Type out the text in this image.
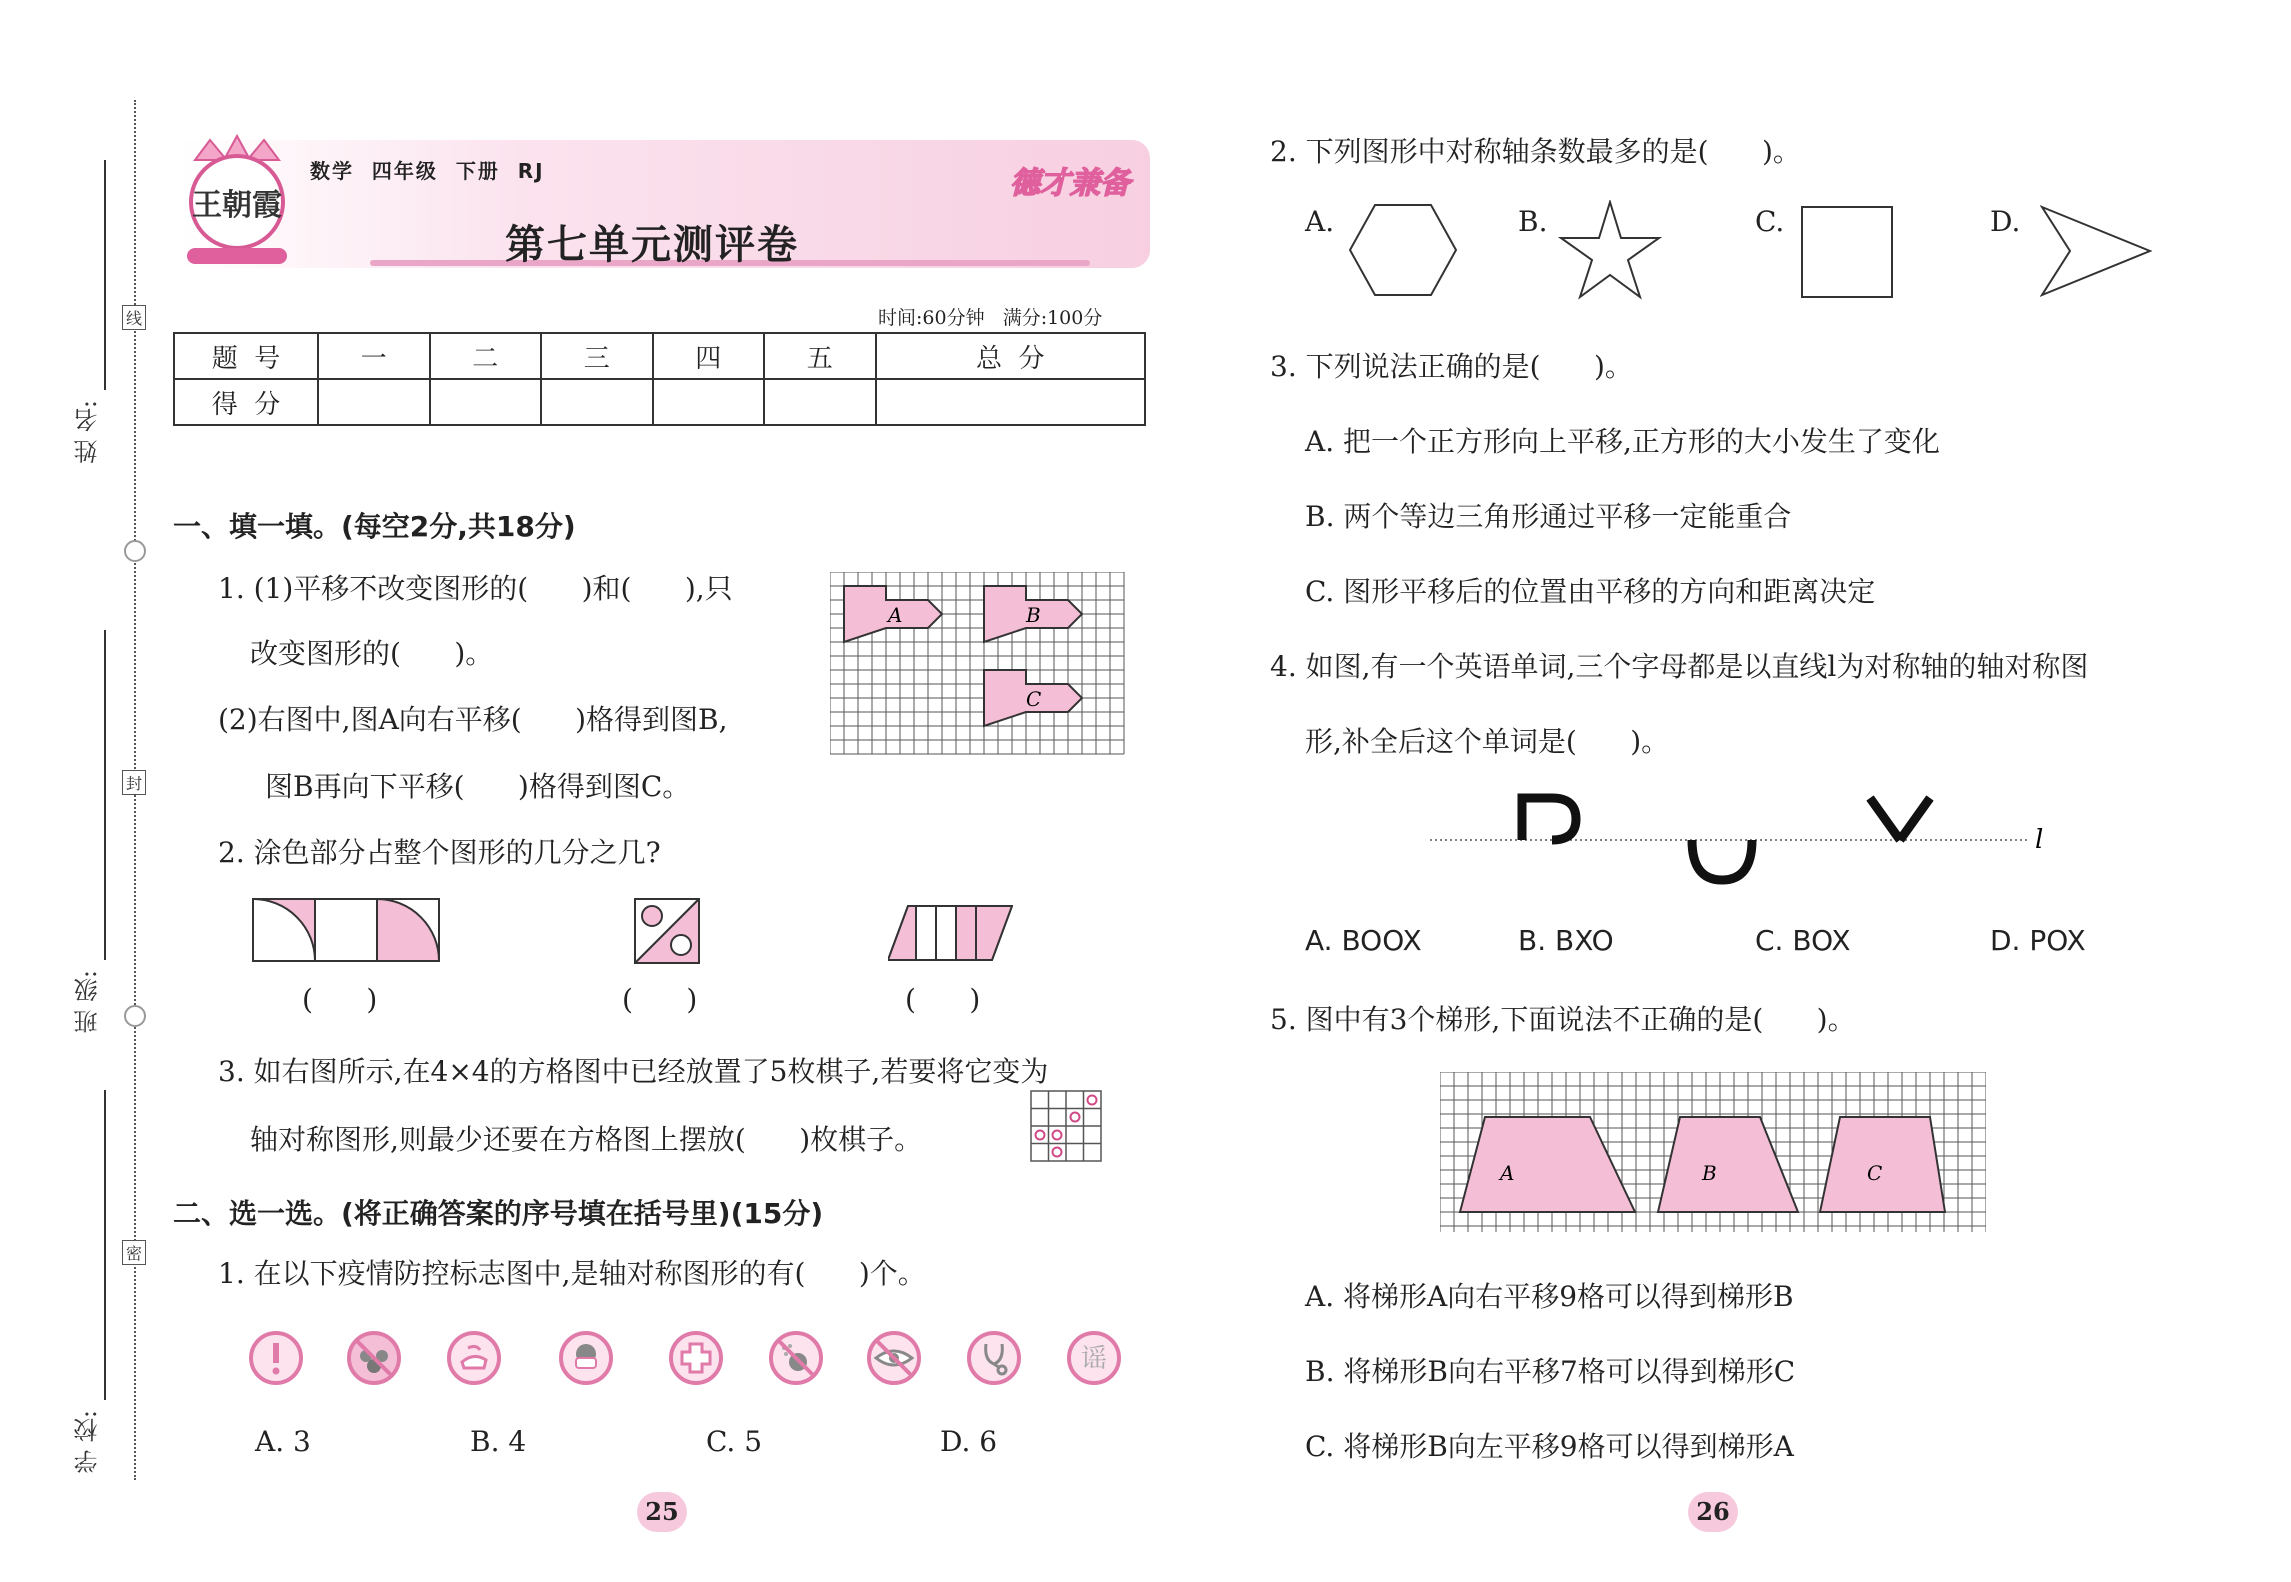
姓 名:
线
班 级:
封
学 校:
密
王朝霞
数学  四年级  下册  RJ	德才兼备
第七单元测评卷
时间:60分钟   满分:100分
题  号	一	二	三	四	五	总  分
得  分						
一、填一填。(每空2分,共18分)
1. (1)平移不改变图形的(      )和(      ),只
改变图形的(      )。
(2)右图中,图A向右平移(      )格得到图B,
图B再向下平移(      )格得到图C。
A	B
C
2. 涂色部分占整个图形的几分之几?
(      )	(      )	(      )
3. 如右图所示,在4×4的方格图中已经放置了5枚棋子,若要将它变为
轴对称图形,则最少还要在方格图上摆放(      )枚棋子。
二、选一选。(将正确答案的序号填在括号里)(15分)
1. 在以下疫情防控标志图中,是轴对称图形的有(      )个。
谣
A. 3	B. 4	C. 5	D. 6
2. 下列图形中对称轴条数最多的是(      )。
A.	B.	C.	D.
3. 下列说法正确的是(      )。
A. 把一个正方形向上平移,正方形的大小发生了变化
B. 两个等边三角形通过平移一定能重合
C. 图形平移后的位置由平移的方向和距离决定
4. 如图,有一个英语单词,三个字母都是以直线l为对称轴的轴对称图
形,补全后这个单词是(      )。
l
A. BOOX	B. BXO	C. BOX	D. POX
5. 图中有3个梯形,下面说法不正确的是(      )。
A	B	C
A. 将梯形A向右平移9格可以得到梯形B
B. 将梯形B向右平移7格可以得到梯形C
C. 将梯形B向左平移9格可以得到梯形A
25	26
